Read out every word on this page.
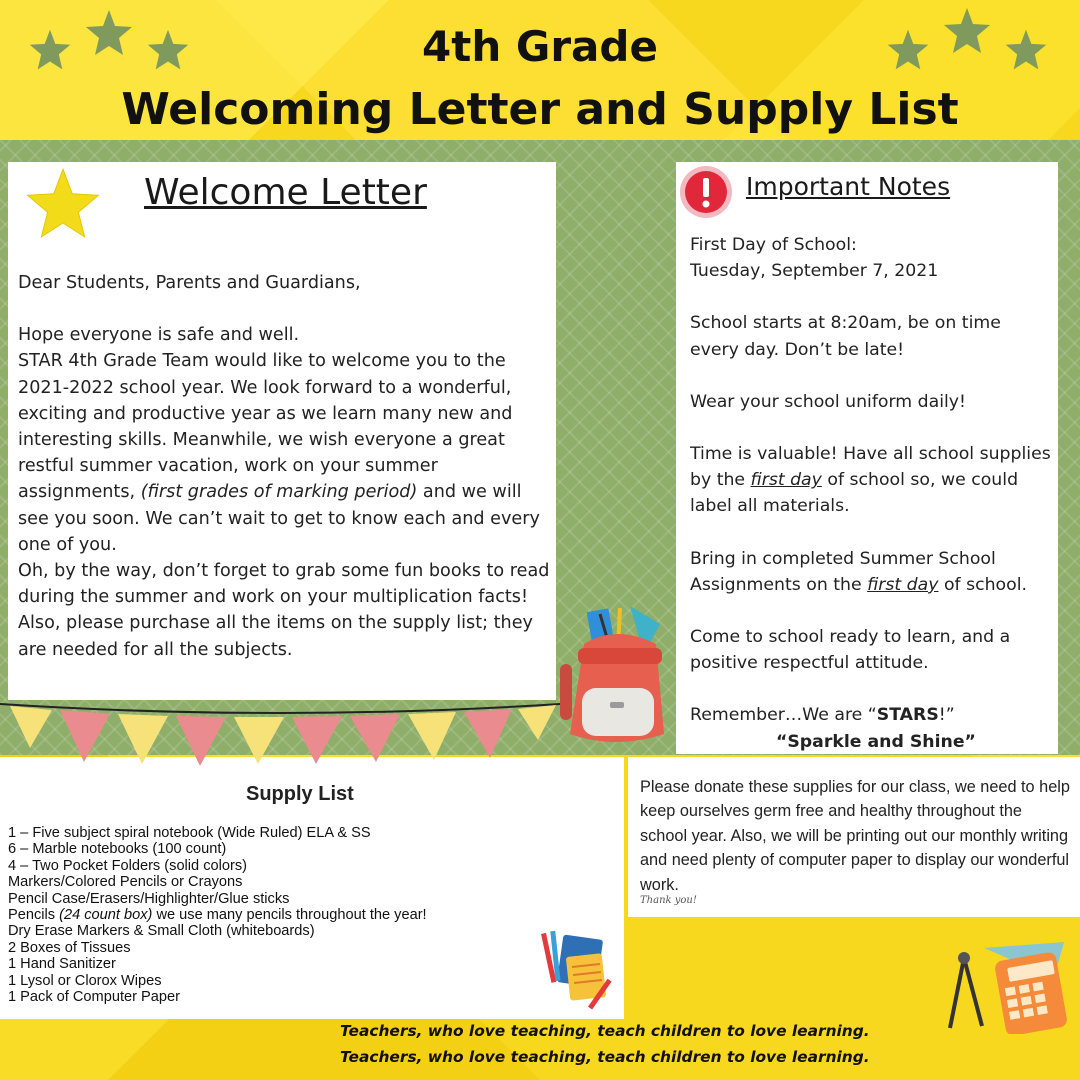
4th Grade
Welcoming Letter and Supply List
Welcome Letter

Dear Students, Parents and Guardians,

Hope everyone is safe and well.

STAR 4th Grade Team would like to welcome you to the 2021-2022 school year. We look forward to a wonderful, exciting and productive year as we learn many new and interesting skills. Meanwhile, we wish everyone a great restful summer vacation, work on your summer assignments, (first grades of marking period) and we will see you soon. We can’t wait to get to know each and every one of you.

Oh, by the way, don’t forget to grab some fun books to read during the summer and work on your multiplication facts! Also, please purchase all the items on the supply list; they are needed for all the subjects.

Important Notes

First Day of School:

Tuesday, September 7, 2021

School starts at 8:20am, be on time every day. Don’t be late!

Wear your school uniform daily!

Time is valuable! Have all school supplies by the first day of school so, we could label all materials.

Bring in completed Summer School Assignments on the first day of school.

Come to school ready to learn, and a positive respectful attitude.

Remember…We are “STARS!”

“Sparkle and Shine”

Supply List
1 – Five subject spiral notebook (Wide Ruled) ELA & SS
6 – Marble notebooks (100 count)
4 – Two Pocket Folders (solid colors)
Markers/Colored Pencils or Crayons
Pencil Case/Erasers/Highlighter/Glue sticks
Pencils (24 count box) we use many pencils throughout the year!
Dry Erase Markers & Small Cloth (whiteboards)
2 Boxes of Tissues
1 Hand Sanitizer
1 Lysol or Clorox Wipes
1 Pack of Computer Paper
Please donate these supplies for our class, we need to help keep ourselves germ free and healthy throughout the school year. Also, we will be printing out our monthly writing and need plenty of computer paper to display our wonderful work.
Thank you!
Teachers, who love teaching, teach children to love learning.
Teachers, who love teaching, teach children to love learning.
